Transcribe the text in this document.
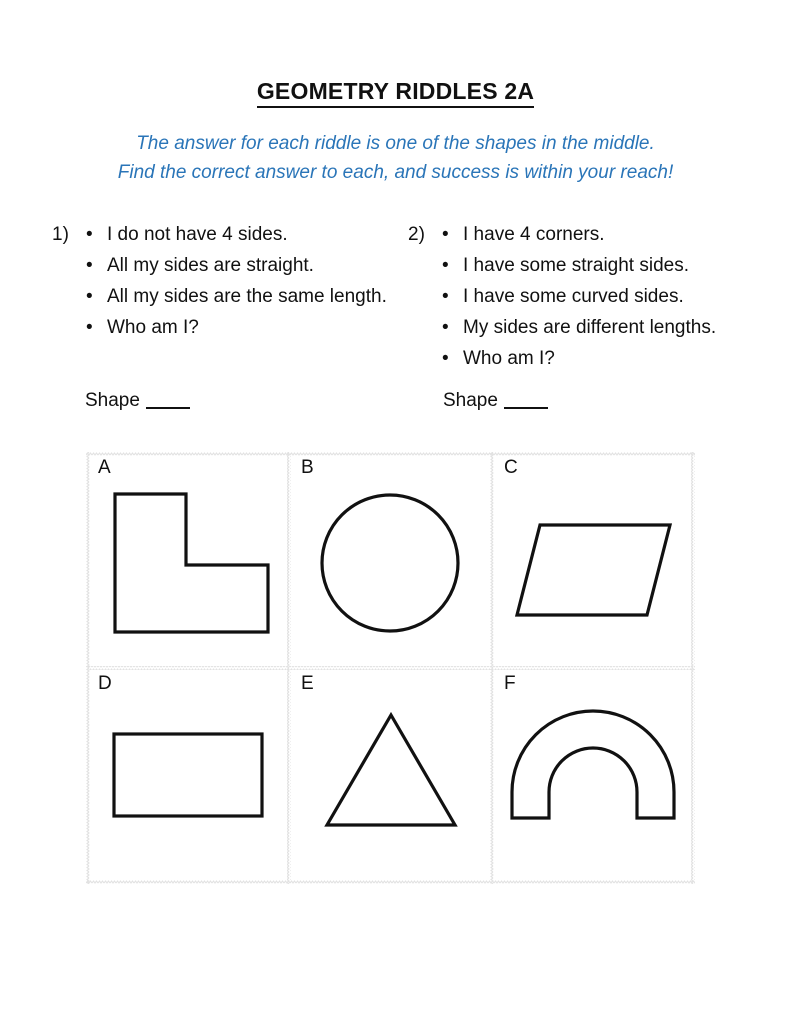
GEOMETRY RIDDLES 2A
The answer for each riddle is one of the shapes in the middle.
Find the correct answer to each, and success is within your reach!
1) • I do not have 4 sides.
• All my sides are straight.
• All my sides are the same length.
• Who am I?
2) • I have 4 corners.
• I have some straight sides.
• I have some curved sides.
• My sides are different lengths.
• Who am I?
Shape	Shape
A	B	C
D	E	F
